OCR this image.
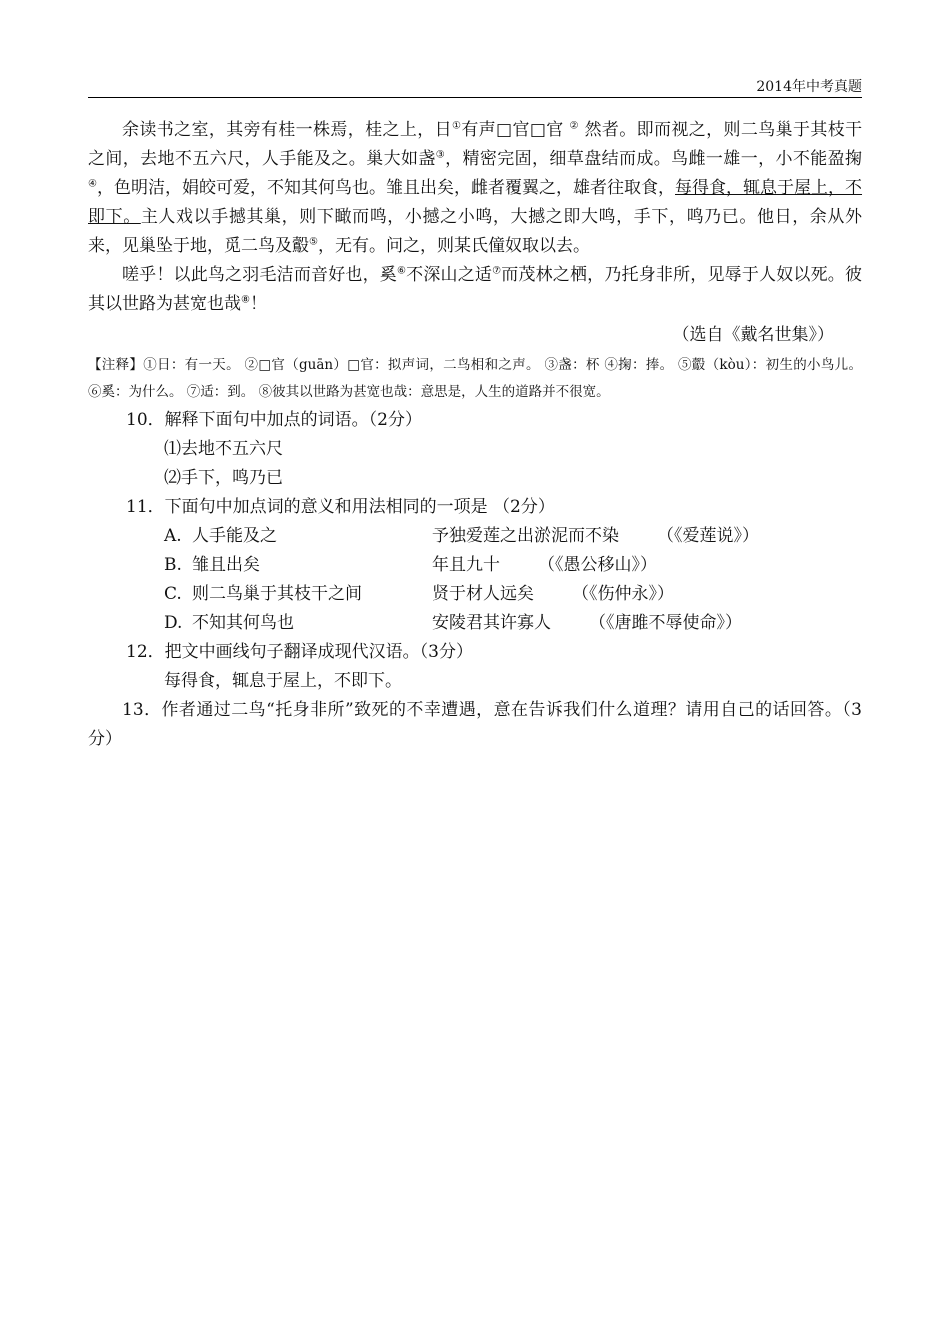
2014年中考真题

余读书之室，其旁有桂一株焉，桂之上，日①有声□官□官 ② 然者。即而视之，则二鸟巢于其枝干之间，去地不五六尺，人手能及之。巢大如盏③，精密完固，细草盘结而成。鸟雌一雄一，小不能盈掬④，色明洁，娟皎可爱，不知其何鸟也。雏且出矣，雌者覆翼之，雄者往取食，每得食，辄息于屋上，不即下。主人戏以手撼其巢，则下瞰而鸣，小撼之小鸣，大撼之即大鸣，手下，鸣乃已。他日，余从外来，见巢坠于地，觅二鸟及鷇⑤，无有。问之，则某氏僮奴取以去。

嗟乎！以此鸟之羽毛洁而音好也，奚⑥不深山之适⑦而茂林之栖，乃托身非所，见辱于人奴以死。彼其以世路为甚宽也哉⑧！

（选自《戴名世集》）

【注释】①日：有一天。 ②□官（guān）□官：拟声词，二鸟相和之声。 ③盏：杯 ④掬：捧。 ⑤鷇（kòu）：初生的小鸟儿。 ⑥奚：为什么。 ⑦适：到。 ⑧彼其以世路为甚宽也哉：意思是，人生的道路并不很宽。

10．解释下面句中加点的词语。（2分）

⑴去地不五六尺

⑵手下，鸣乃已

11．下面句中加点词的意义和用法相同的一项是 （2分）

A. 人手能及之	予独爱莲之出淤泥而不染 （《爱莲说》）
B. 雏且出矣	年且九十 （《愚公移山》）
C. 则二鸟巢于其枝干之间	贤于材人远矣 （《伤仲永》）
D. 不知其何鸟也	安陵君其许寡人 （《唐雎不辱使命》）

12．把文中画线句子翻译成现代汉语。（3分）

每得食，辄息于屋上，不即下。

13．作者通过二鸟“托身非所”致死的不幸遭遇，意在告诉我们什么道理？请用自己的话回答。（3分）
